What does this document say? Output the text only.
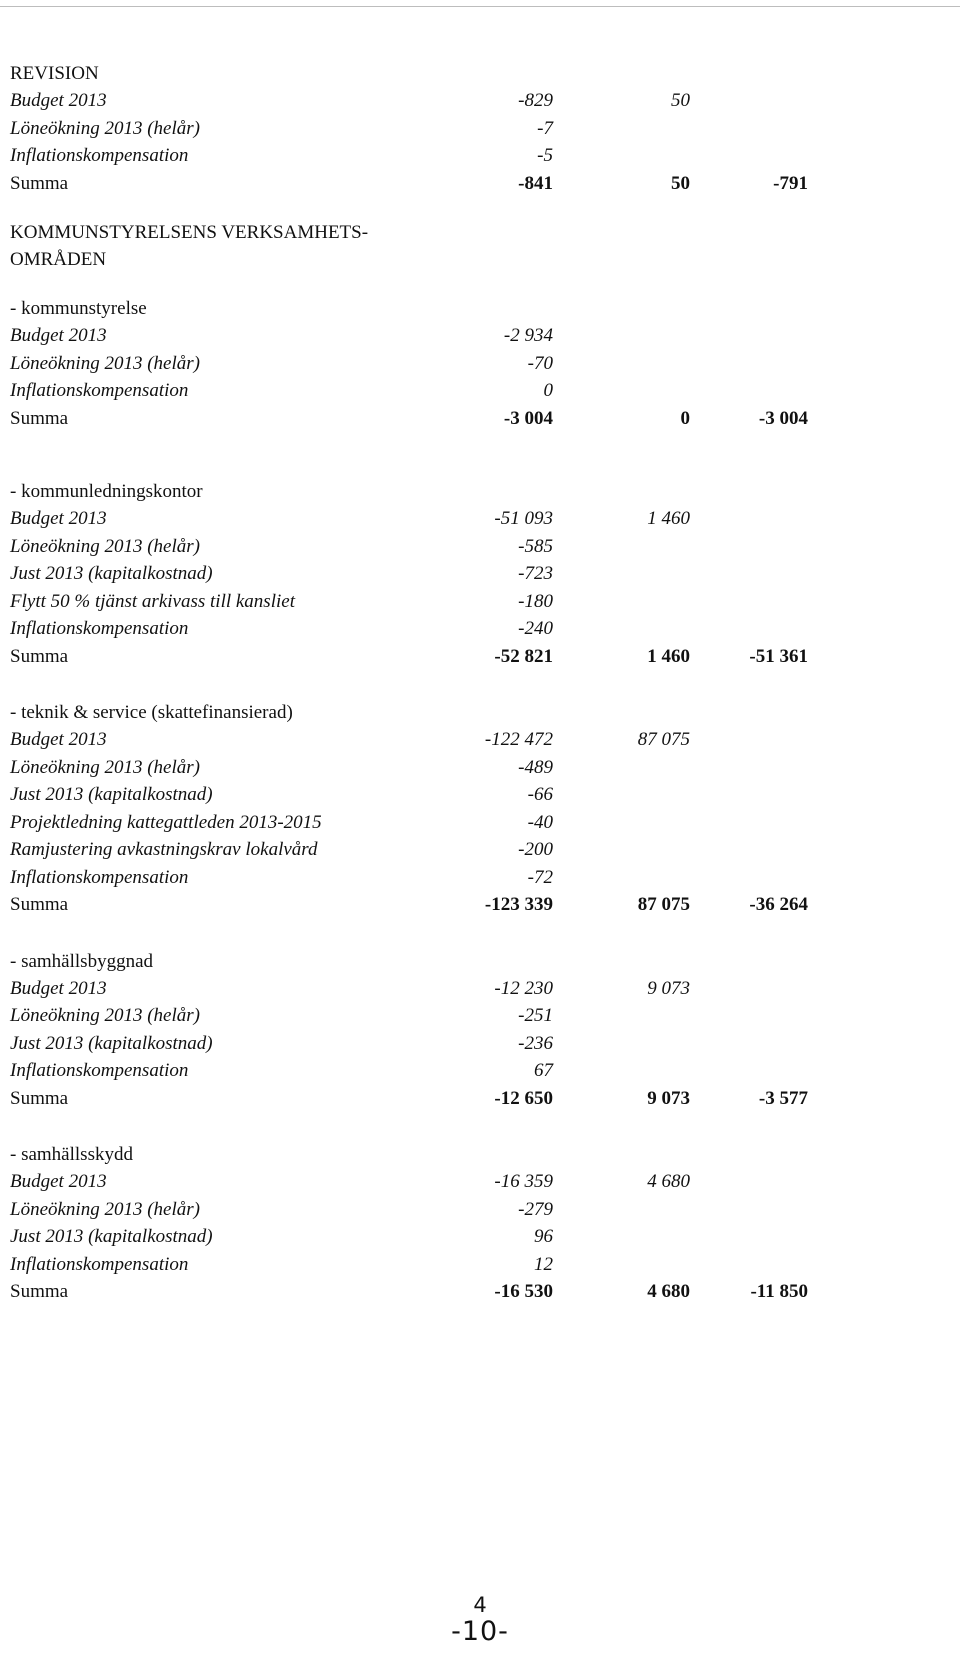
REVISION
Budget 2013	-829	50
Löneökning 2013 (helår)	-7
Inflationskompensation	-5
Summa	-841	50	-791
KOMMUNSTYRELSENS VERKSAMHETS-
OMRÅDEN
- kommunstyrelse
Budget 2013	-2 934
Löneökning 2013 (helår)	-70
Inflationskompensation	0
Summa	-3 004	0	-3 004
- kommunledningskontor
Budget 2013	-51 093	1 460
Löneökning 2013 (helår)	-585
Just 2013 (kapitalkostnad)	-723
Flytt 50 % tjänst arkivass till kansliet	-180
Inflationskompensation	-240
Summa	-52 821	1 460	-51 361
- teknik & service (skattefinansierad)
Budget 2013	-122 472	87 075
Löneökning 2013 (helår)	-489
Just 2013 (kapitalkostnad)	-66
Projektledning kattegattleden 2013-2015	-40
Ramjustering avkastningskrav lokalvård	-200
Inflationskompensation	-72
Summa	-123 339	87 075	-36 264
- samhällsbyggnad
Budget 2013	-12 230	9 073
Löneökning 2013 (helår)	-251
Just 2013 (kapitalkostnad)	-236
Inflationskompensation	67
Summa	-12 650	9 073	-3 577
- samhällsskydd
Budget 2013	-16 359	4 680
Löneökning 2013 (helår)	-279
Just 2013 (kapitalkostnad)	96
Inflationskompensation	12
Summa	-16 530	4 680	-11 850
4
-10-
